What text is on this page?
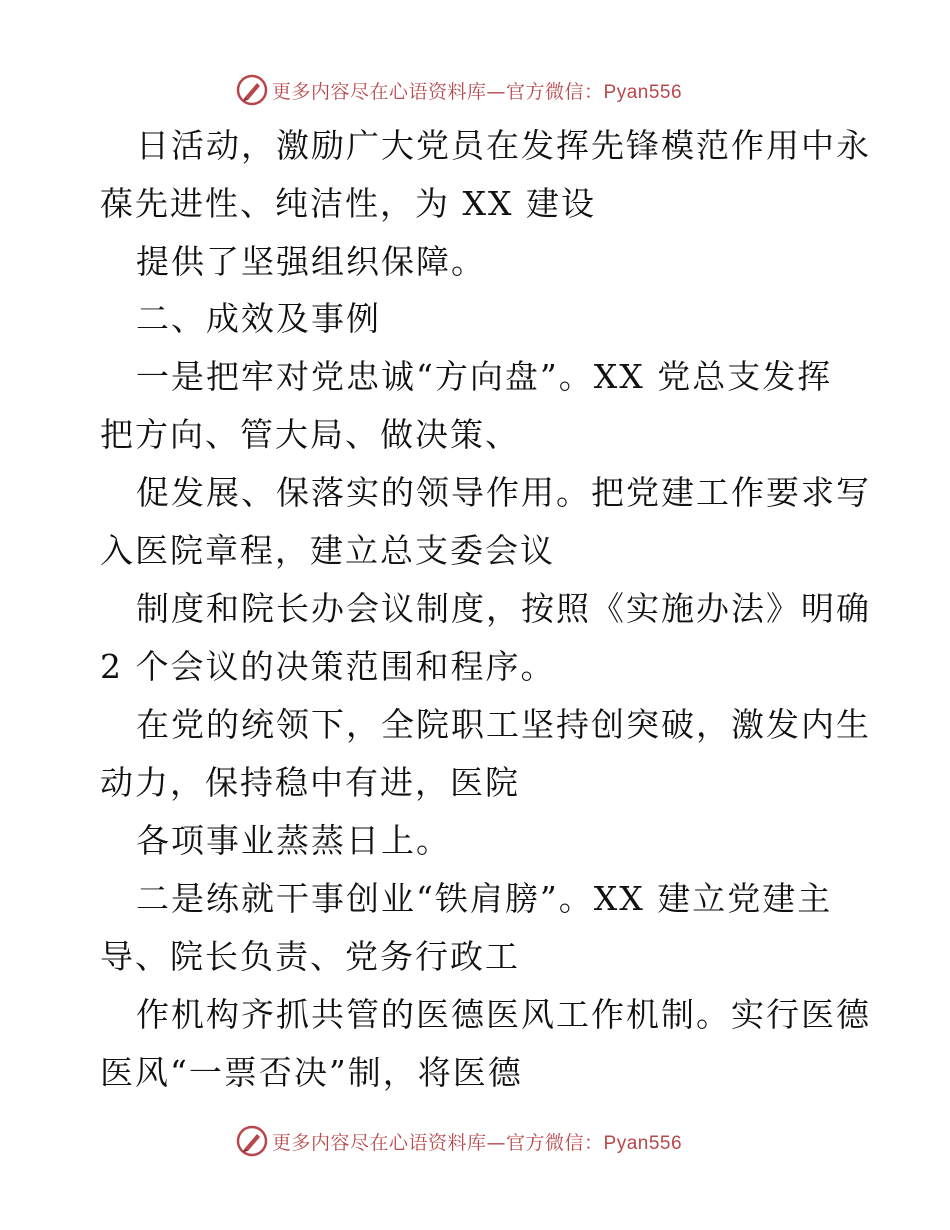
更多内容尽在心语资料库—官方微信：Pyan556
日活动，激励广大党员在发挥先锋模范作用中永
葆先进性、纯洁性，为 XX 建设
提供了坚强组织保障。
二、成效及事例
一是把牢对党忠诚“方向盘”。XX 党总支发挥
把方向、管大局、做决策、
促发展、保落实的领导作用。把党建工作要求写
入医院章程，建立总支委会议
制度和院长办会议制度，按照《实施办法》明确
2 个会议的决策范围和程序。
在党的统领下，全院职工坚持创突破，激发内生
动力，保持稳中有进，医院
各项事业蒸蒸日上。
二是练就干事创业“铁肩膀”。XX 建立党建主
导、院长负责、党务行政工
作机构齐抓共管的医德医风工作机制。实行医德
医风“一票否决”制，将医德
更多内容尽在心语资料库—官方微信：Pyan556
